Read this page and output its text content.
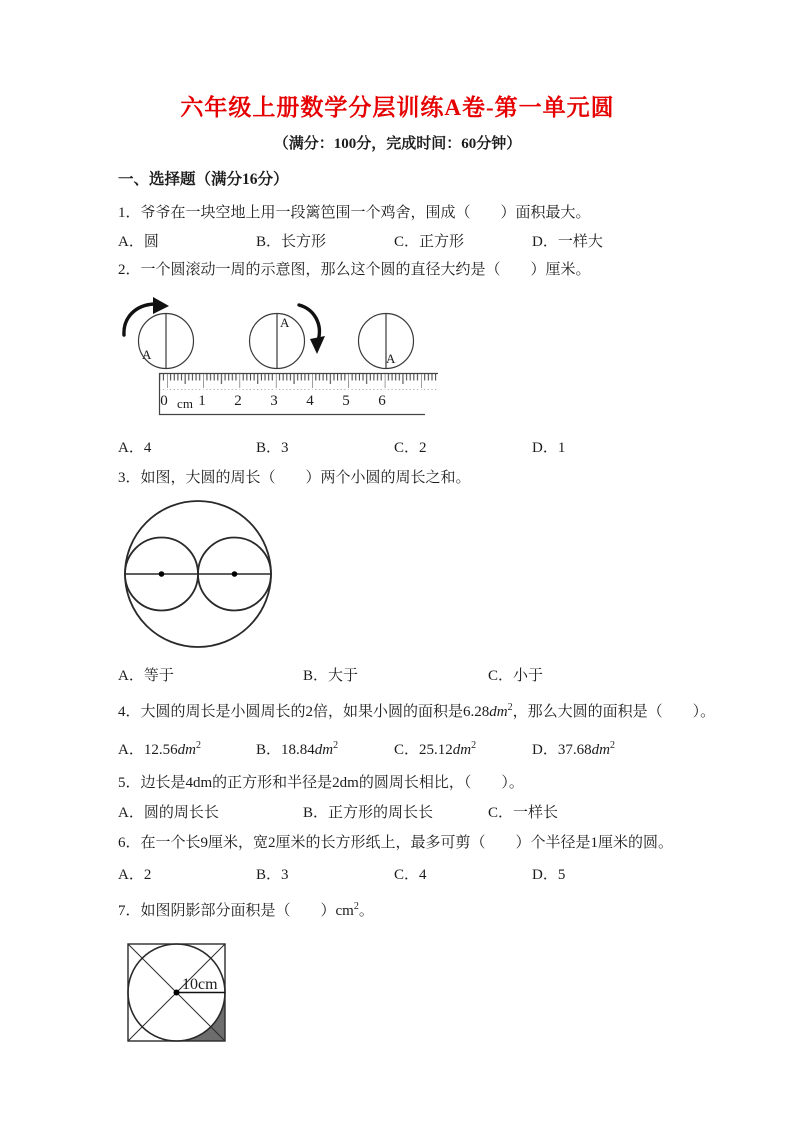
六年级上册数学分层训练A卷-第一单元圆
（满分：100分，完成时间：60分钟）
一、选择题（满分16分）
1．爷爷在一块空地上用一段篱笆围一个鸡舍，围成（　　）面积最大。
A．圆	B．长方形	C．正方形	D．一样大
2．一个圆滚动一周的示意图，那么这个圆的直径大约是（　　）厘米。
A
A
A
0 cm 1 2 3 4 5 6
A．4	B．3	C．2	D．1
3．如图，大圆的周长（　　）两个小圆的周长之和。
A．等于	B．大于	C．小于
4．大圆的周长是小圆周长的2倍，如果小圆的面积是$6.28dm^2$，那么大圆的面积是（　　）。
A．$12.56dm^2$	B．$18.84dm^2$	C．$25.12dm^2$	D．$37.68dm^2$
5．边长是4dm的正方形和半径是2dm的圆周长相比，（　　）。
A．圆的周长长	B．正方形的周长长	C．一样长
6．在一个长9厘米，宽2厘米的长方形纸上，最多可剪（　　）个半径是1厘米的圆。
A．2	B．3	C．4	D．5
7．如图阴影部分面积是（　　）$cm^2$。
10cm
